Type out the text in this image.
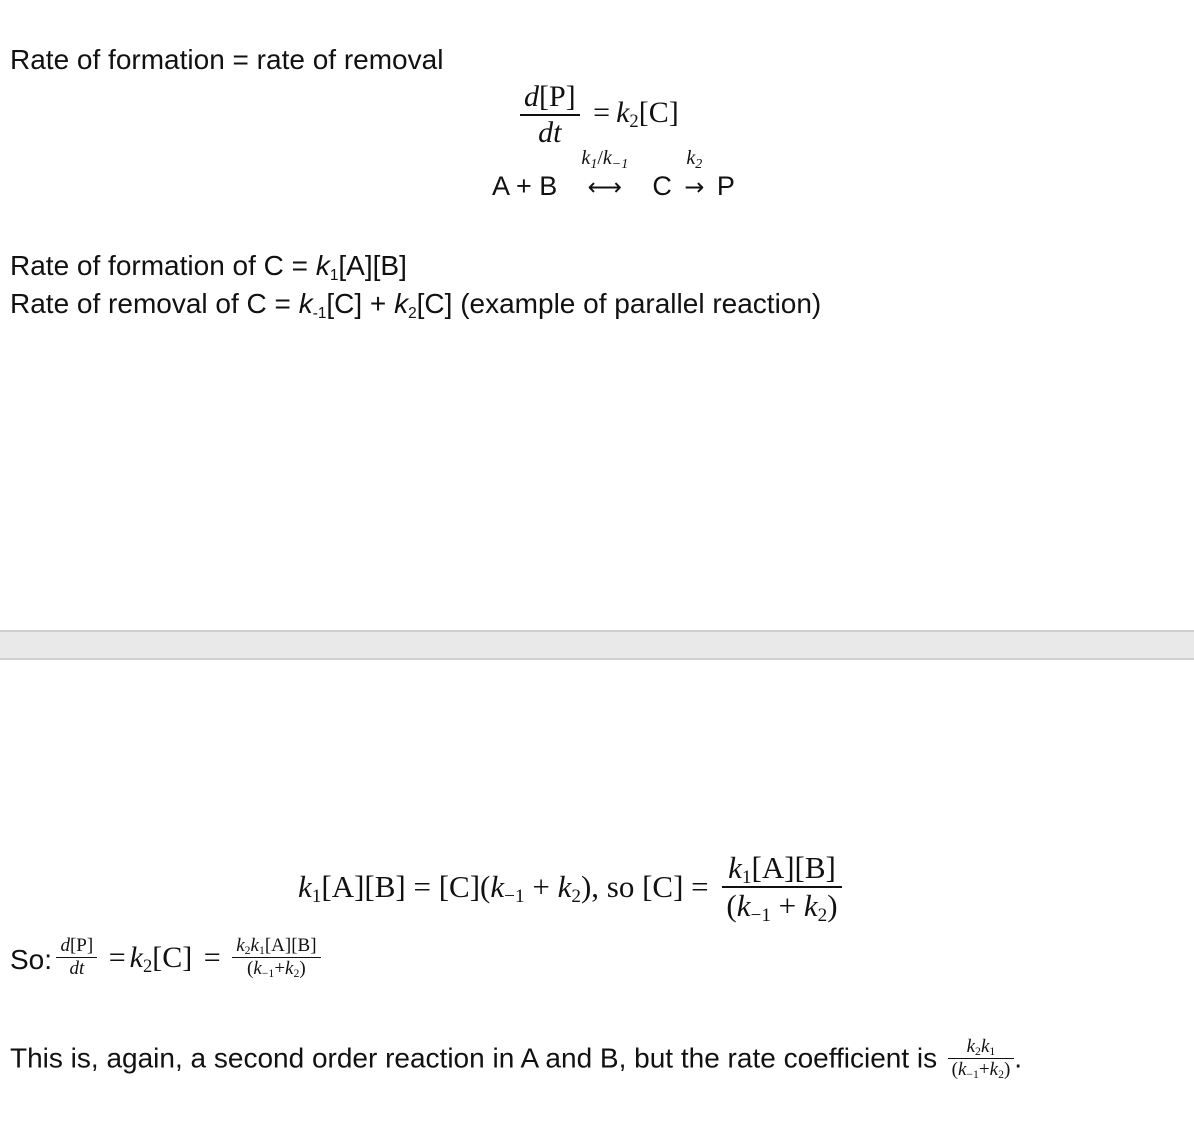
Rate of formation = rate of removal
$\frac{d[P]}{dt} = k2[C]$
A + B
k1/k−1
⟷ C
k2
→ P
Rate of formation of C = k1[A][B]
Rate of removal of C = k-1[C] + k2[C] (example of parallel reaction)
k1[A][B] = [C](k−1 + k2), so $[C] = \frac{k1[A][B]}{(k-1 + k2)}$
So: $\frac{d[P]}{dt} = k2[C] = \frac{k2k1[A][B]}{(k-1+k2)}$
This is, again, a second order reaction in A and B, but the rate coefficient is $\frac{k2k1}{(k-1+k2)}$ .
